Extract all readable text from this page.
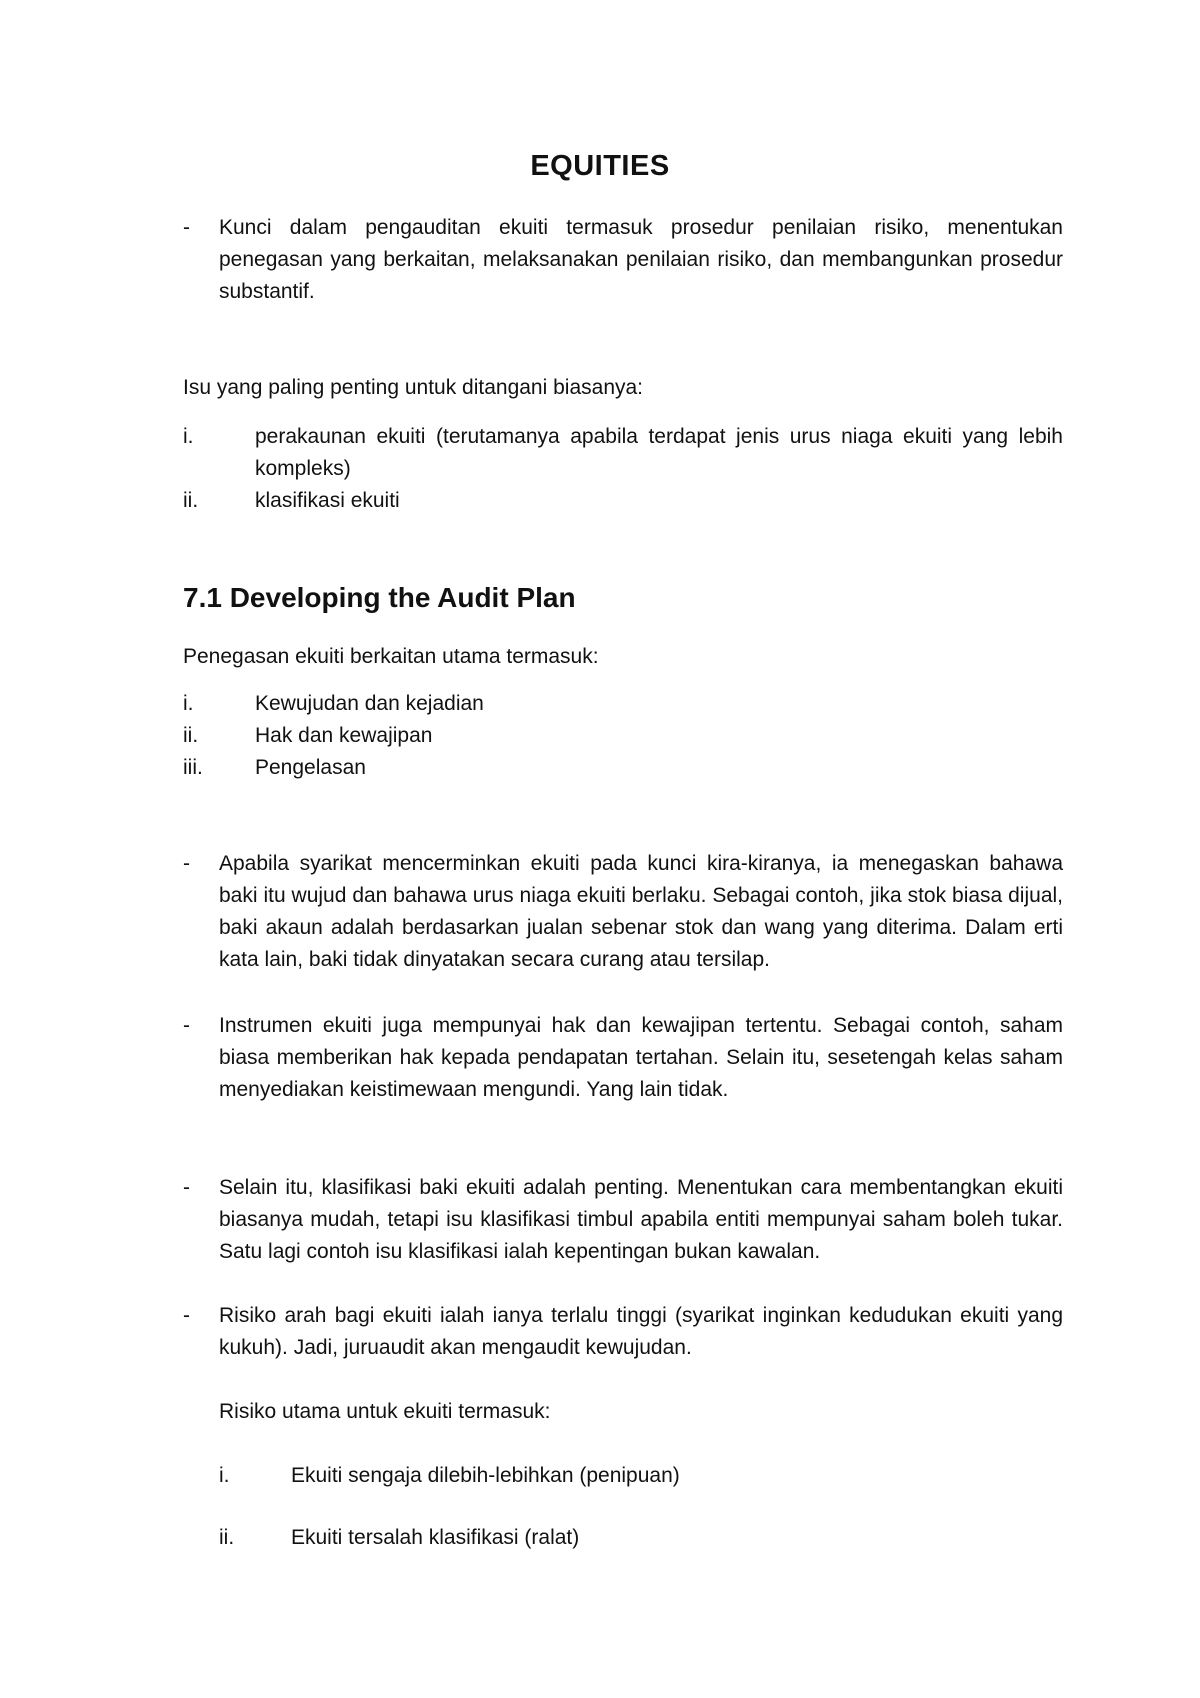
EQUITIES
- Kunci dalam pengauditan ekuiti termasuk prosedur penilaian risiko, menentukan penegasan yang berkaitan, melaksanakan penilaian risiko, dan membangunkan prosedur substantif.
Isu yang paling penting untuk ditangani biasanya:
i.	perakaunan ekuiti (terutamanya apabila terdapat jenis urus niaga ekuiti yang lebih kompleks)
ii.	klasifikasi ekuiti
7.1 Developing the Audit Plan
Penegasan ekuiti berkaitan utama termasuk:
i.	Kewujudan dan kejadian
ii.	Hak dan kewajipan
iii. Pengelasan
- Apabila syarikat mencerminkan ekuiti pada kunci kira-kiranya, ia menegaskan bahawa baki itu wujud dan bahawa urus niaga ekuiti berlaku. Sebagai contoh, jika stok biasa dijual, baki akaun adalah berdasarkan jualan sebenar stok dan wang yang diterima. Dalam erti kata lain, baki tidak dinyatakan secara curang atau tersilap.
- Instrumen ekuiti juga mempunyai hak dan kewajipan tertentu. Sebagai contoh, saham biasa memberikan hak kepada pendapatan tertahan. Selain itu, sesetengah kelas saham menyediakan keistimewaan mengundi. Yang lain tidak.
- Selain itu, klasifikasi baki ekuiti adalah penting. Menentukan cara membentangkan ekuiti biasanya mudah, tetapi isu klasifikasi timbul apabila entiti mempunyai saham boleh tukar. Satu lagi contoh isu klasifikasi ialah kepentingan bukan kawalan.
- Risiko arah bagi ekuiti ialah ianya terlalu tinggi (syarikat inginkan kedudukan ekuiti yang kukuh). Jadi, juruaudit akan mengaudit kewujudan.
Risiko utama untuk ekuiti termasuk:
i.	Ekuiti sengaja dilebih-lebihkan (penipuan)
ii.	Ekuiti tersalah klasifikasi (ralat)
